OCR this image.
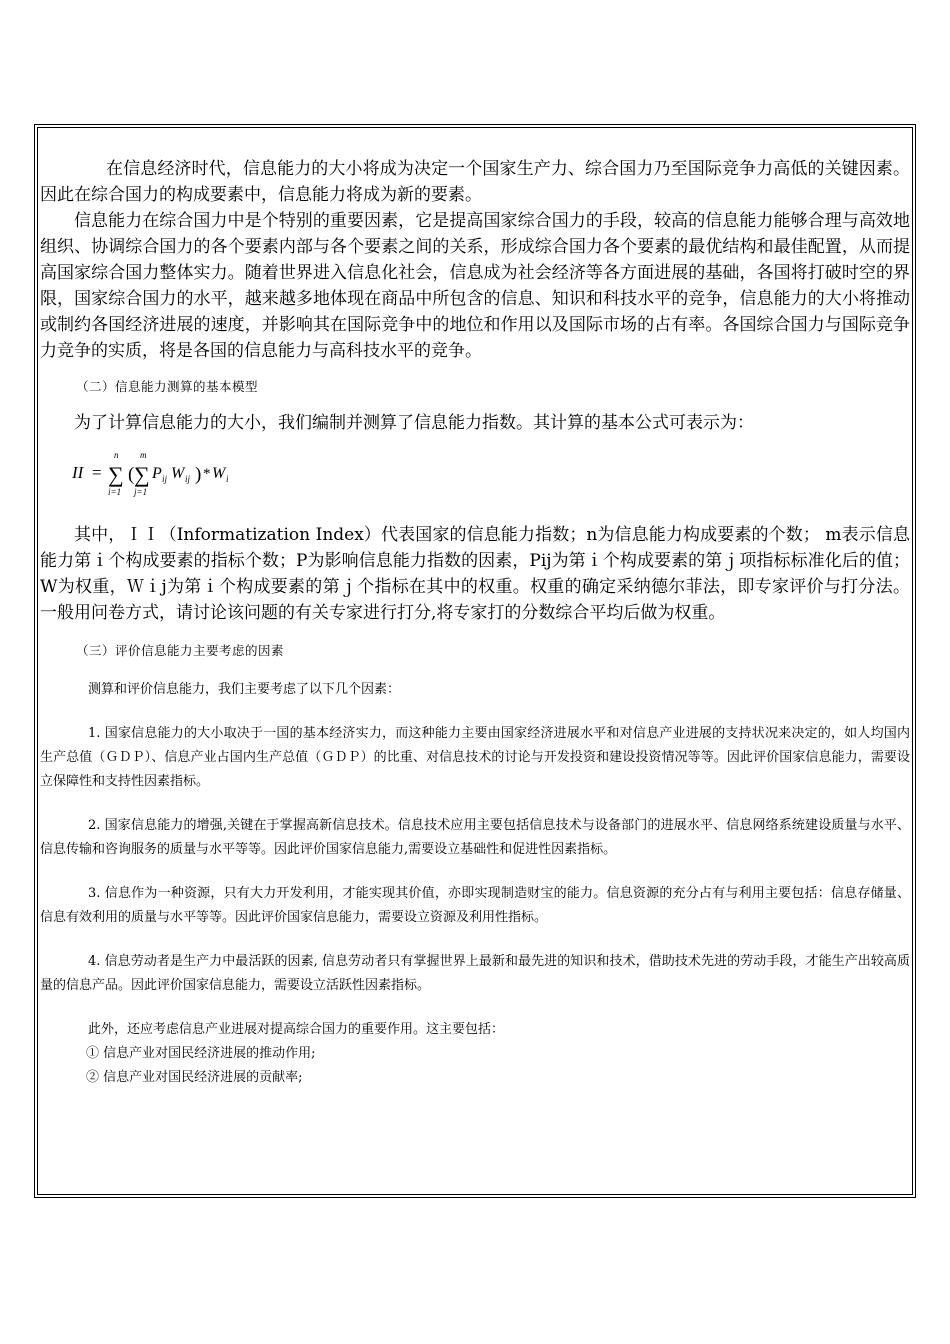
在信息经济时代，信息能力的大小将成为决定一个国家生产力、综合国力乃至国际竞争力高低的关键因素。因此在综合国力的构成要素中，信息能力将成为新的要素。

信息能力在综合国力中是个特别的重要因素，它是提高国家综合国力的手段，较高的信息能力能够合理与高效地组织、协调综合国力的各个要素内部与各个要素之间的关系，形成综合国力各个要素的最优结构和最佳配置，从而提高国家综合国力整体实力。随着世界进入信息化社会，信息成为社会经济等各方面进展的基础，各国将打破时空的界限，国家综合国力的水平，越来越多地体现在商品中所包含的信息、知识和科技水平的竞争，信息能力的大小将推动或制约各国经济进展的速度，并影响其在国际竞争中的地位和作用以及国际市场的占有率。各国综合国力与国际竞争力竞争的实质，将是各国的信息能力与高科技水平的竞争。

（二）信息能力测算的基本模型

为了计算信息能力的大小，我们编制并测算了信息能力指数。其计算的基本公式可表示为：

II =
n
∑
i=1
(
m
∑
j=1
P ij W ij ) * W i

其中，ＩＩ（Informatization Index）代表国家的信息能力指数；n为信息能力构成要素的个数； m表示信息能力第ｉ个构成要素的指标个数；P为影响信息能力指数的因素，Pij为第ｉ个构成要素的第ｊ项指标标准化后的值；W为权重，Ｗｉj为第ｉ个构成要素的第ｊ个指标在其中的权重。权重的确定采纳德尔菲法，即专家评价与打分法。一般用问卷方式，请讨论该问题的有关专家进行打分,将专家打的分数综合平均后做为权重。

（三）评价信息能力主要考虑的因素

测算和评价信息能力，我们主要考虑了以下几个因素：

1. 国家信息能力的大小取决于一国的基本经济实力，而这种能力主要由国家经济进展水平和对信息产业进展的支持状况来决定的，如人均国内生产总值（ＧＤＰ）、信息产业占国内生产总值（ＧＤＰ）的比重、对信息技术的讨论与开发投资和建设投资情况等等。因此评价国家信息能力，需要设立保障性和支持性因素指标。

2. 国家信息能力的增强,关键在于掌握高新信息技术。信息技术应用主要包括信息技术与设备部门的进展水平、信息网络系统建设质量与水平、信息传输和咨询服务的质量与水平等等。因此评价国家信息能力,需要设立基础性和促进性因素指标。

3. 信息作为一种资源，只有大力开发利用，才能实现其价值，亦即实现制造财宝的能力。信息资源的充分占有与利用主要包括：信息存储量、信息有效利用的质量与水平等等。因此评价国家信息能力，需要设立资源及利用性指标。

4. 信息劳动者是生产力中最活跃的因素, 信息劳动者只有掌握世界上最新和最先进的知识和技术，借助技术先进的劳动手段，才能生产出较高质量的信息产品。因此评价国家信息能力，需要设立活跃性因素指标。

此外，还应考虑信息产业进展对提高综合国力的重要作用。这主要包括：

① 信息产业对国民经济进展的推动作用;

② 信息产业对国民经济进展的贡献率;
